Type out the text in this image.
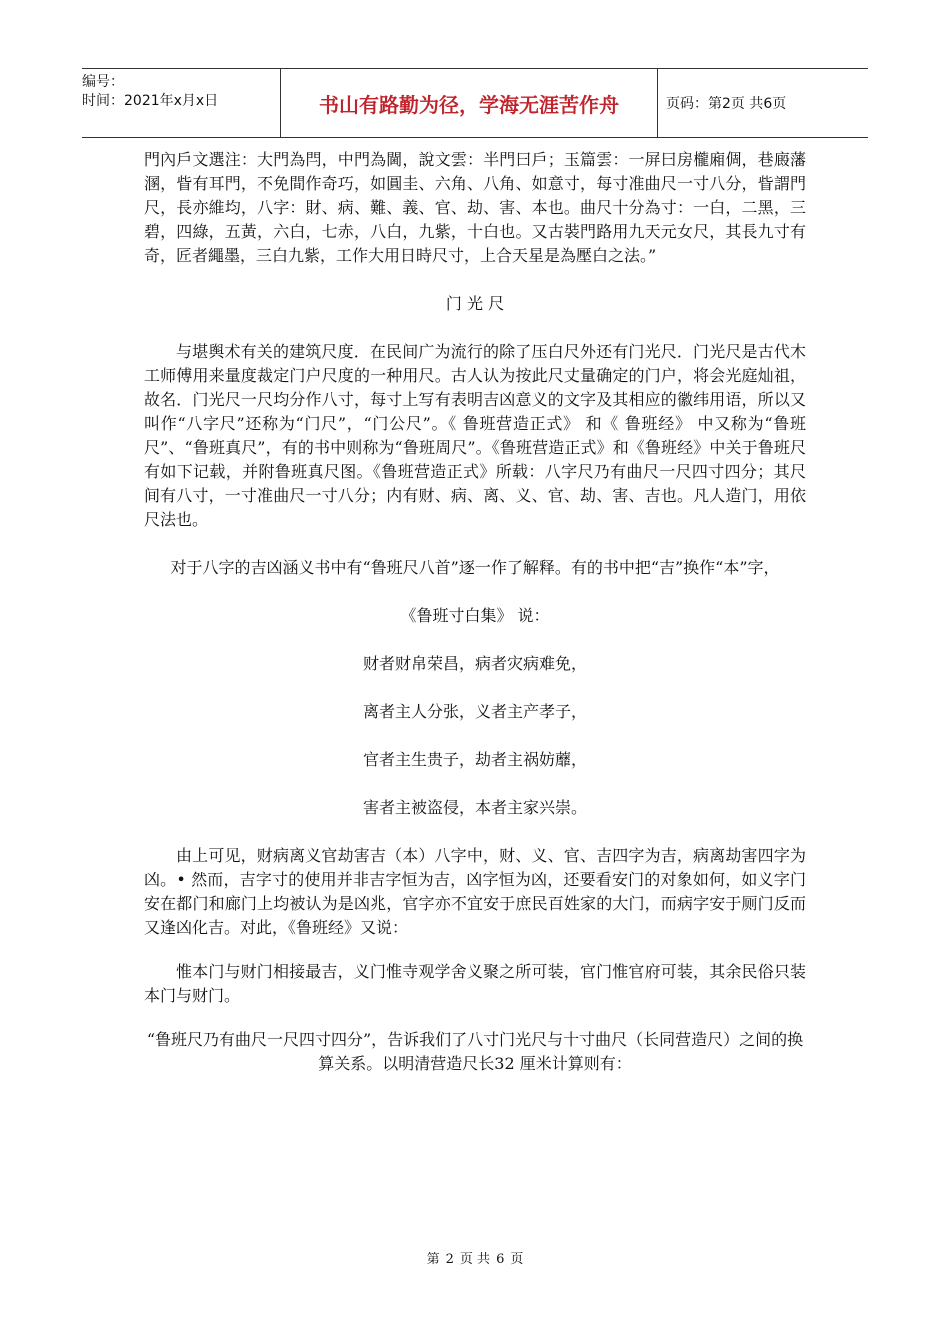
编号：
时间：2021年x月x日	书山有路勤为径，学海无涯苦作舟	页码：第2页 共6页

門內戶文選注：大門為閂，中門為閫，說文雲：半門曰戶；玉篇雲：一屏曰房櫳廂倜，巷廄藩溷，眥有耳門，不免間作奇巧，如圓圭、六角、八角、如意寸，每寸准曲尺一寸八分，眥謂門尺，長亦維均，八字：財、病、難、義、官、劫、害、本也。曲尺十分為寸：一白，二黑，三碧，四綠，五黃，六白，七赤，八白，九紫，十白也。又古裝門路用九天元女尺，其長九寸有奇，匠者繩墨，三白九紫，工作大用日時尺寸，上合天星是為壓白之法。”

门 光 尺

与堪舆术有关的建筑尺度．在民间广为流行的除了压白尺外还有门光尺．门光尺是古代木工师傅用来量度裁定门户尺度的一种用尺。古人认为按此尺丈量确定的门户，将会光庭灿祖，故名．门光尺一尺均分作八寸，每寸上写有表明吉凶意义的文字及其相应的徽纬用语，所以又叫作“八字尺”还称为“门尺”，“门公尺”。《 鲁班营造正式》 和《 鲁班经》 中又称为“鲁班尺”、“鲁班真尺”，有的书中则称为“鲁班周尺”。《鲁班营造正式》和《鲁班经》中关于鲁班尺有如下记载，并附鲁班真尺图。《鲁班营造正式》所载：八字尺乃有曲尺一尺四寸四分；其尺间有八寸，一寸准曲尺一寸八分；内有财、病、离、义、官、劫、害、吉也。凡人造门，用依尺法也。

对于八字的吉凶涵义书中有“鲁班尺八首”逐一作了解释。有的书中把“吉”换作“本”字，

《鲁班寸白集》 说：

财者财帛荣昌，病者灾病难免，

离者主人分张，义者主产孝子，

官者主生贵子，劫者主祸妨蘼，

害者主被盗侵，本者主家兴崇。

由上可见，财病离义官劫害吉（本）八字中，财、义、官、吉四字为吉，病离劫害四字为凶。• 然而，吉字寸的使用并非吉字恒为吉，凶字恒为凶，还要看安门的对象如何，如义字门安在都门和廊门上均被认为是凶兆，官字亦不宜安于庶民百姓家的大门，而病字安于厕门反而又逢凶化吉。对此，《鲁班经》又说：

惟本门与财门相接最吉，义门惟寺观学舍义聚之所可装，官门惟官府可装，其余民俗只装本门与财门。

“鲁班尺乃有曲尺一尺四寸四分”，告诉我们了八寸门光尺与十寸曲尺（长同营造尺）之间的换算关系。以明清营造尺长32 厘米计算则有：

第 2 页 共 6 页
